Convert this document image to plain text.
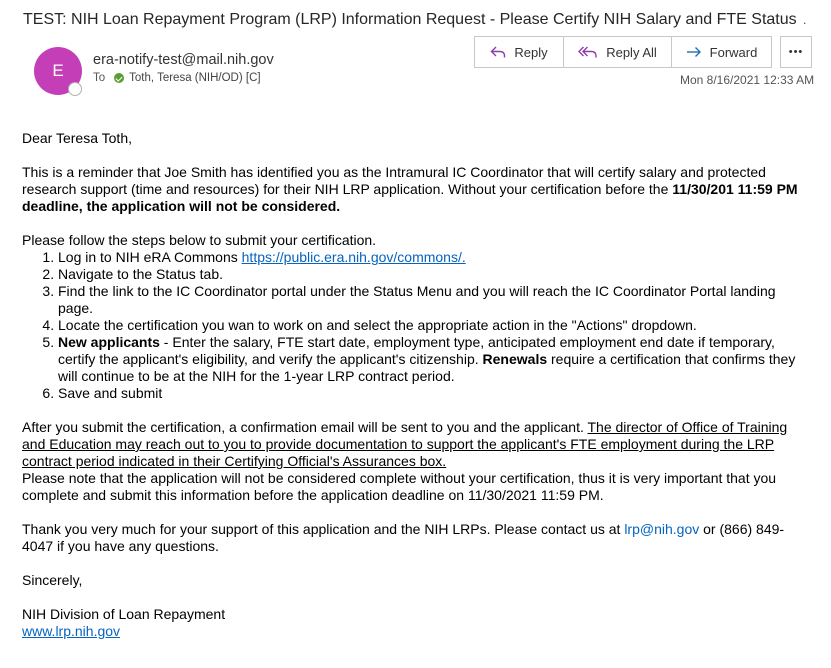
TEST: NIH Loan Repayment Program (LRP) Information Request - Please Certify NIH Salary and FTE Status .
E
era-notify-test@mail.nih.gov
To Toth, Teresa (NIH/OD) [C]
Reply	Reply All	Forward	•••
Mon 8/16/2021 12:33 AM

Dear Teresa Toth,

This is a reminder that Joe Smith has identified you as the Intramural IC Coordinator that will certify salary and protected research support (time and resources) for their NIH LRP application. Without your certification before the 11/30/201 11:59 PM deadline, the application will not be considered.

Please follow the steps below to submit your certification.

1. Log in to NIH eRA Commons https://public.era.nih.gov/commons/.
2. Navigate to the Status tab.
3. Find the link to the IC Coordinator portal under the Status Menu and you will reach the IC Coordinator Portal landing page.
4. Locate the certification you wan to work on and select the appropriate action in the "Actions" dropdown.
5. New applicants - Enter the salary, FTE start date, employment type, anticipated employment end date if temporary, certify the applicant's eligibility, and verify the applicant's citizenship. Renewals require a certification that confirms they will continue to be at the NIH for the 1-year LRP contract period.
6. Save and submit

After you submit the certification, a confirmation email will be sent to you and the applicant. The director of Office of Training and Education may reach out to you to provide documentation to support the applicant's FTE employment during the LRP contract period indicated in their Certifying Official's Assurances box.

Please note that the application will not be considered complete without your certification, thus it is very important that you complete and submit this information before the application deadline on 11/30/2021 11:59 PM.

Thank you very much for your support of this application and the NIH LRPs. Please contact us at lrp@nih.gov or (866) 849-4047 if you have any questions.

Sincerely,

NIH Division of Loan Repayment

www.lrp.nih.gov
